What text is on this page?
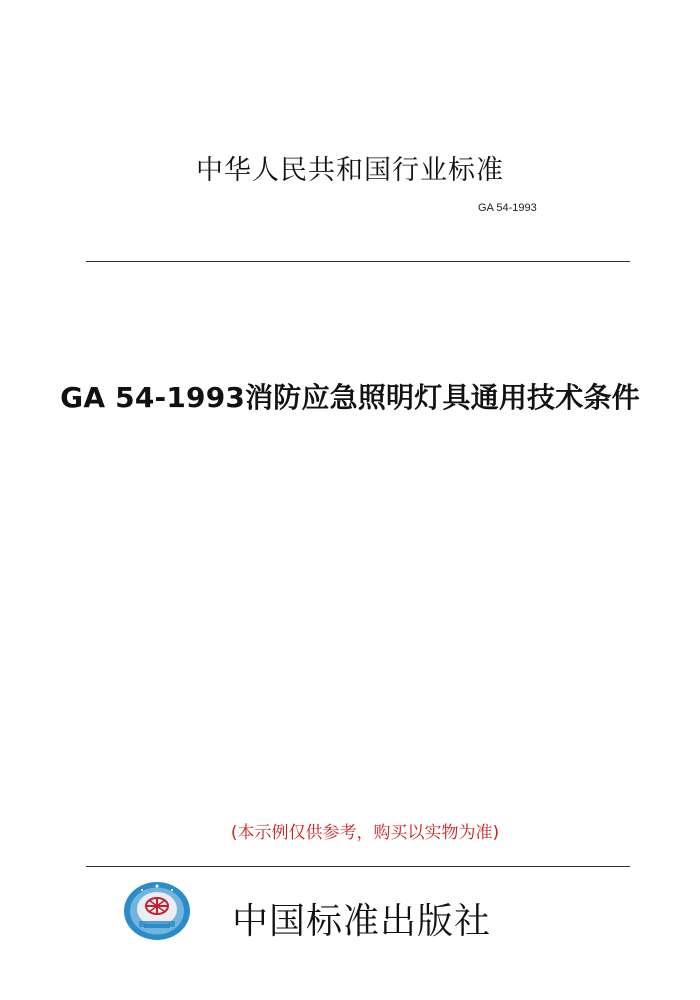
中华人民共和国行业标准
GA 54-1993
GA 54-1993消防应急照明灯具通用技术条件
(本示例仅供参考，购买以实物为准)
中国标准出版社
